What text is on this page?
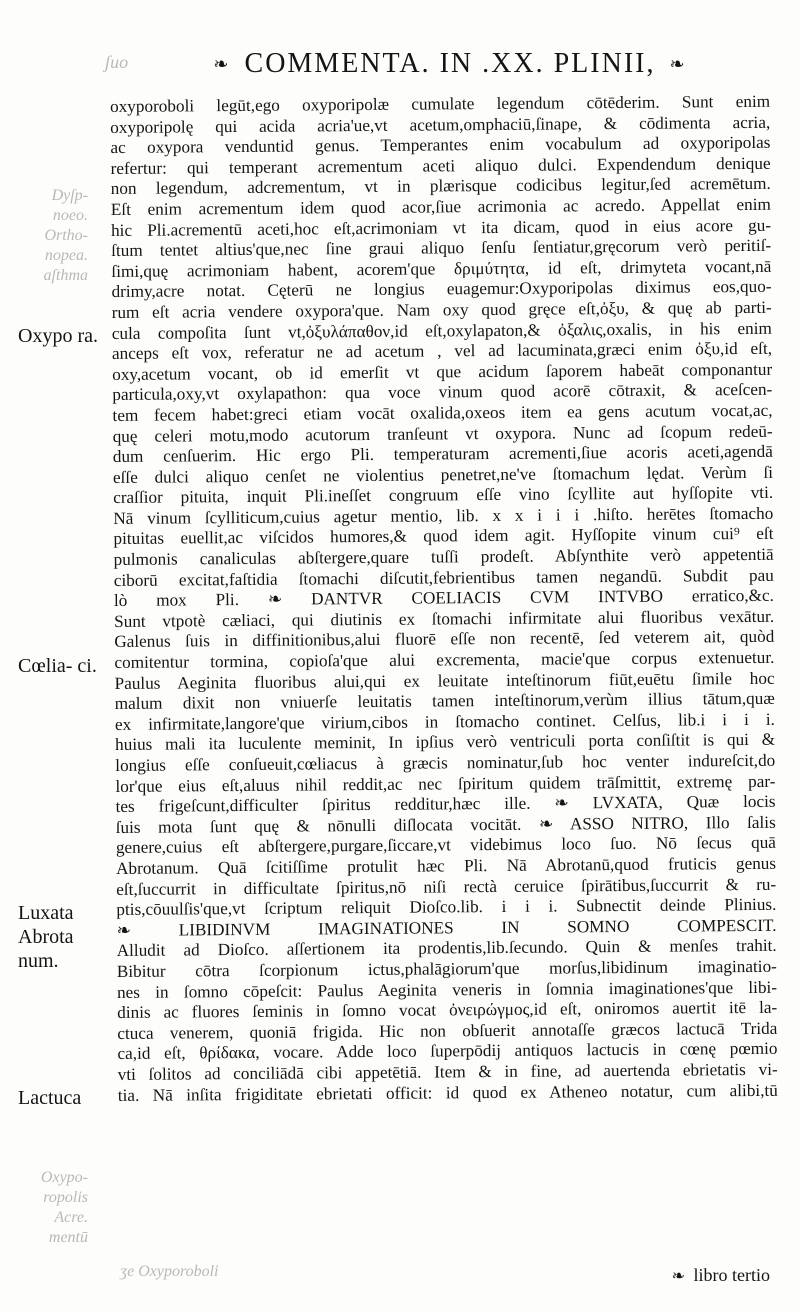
ʃuo
Dyſp‑ noeo. Ortho‑ nopea. aſthma
Oxypo‑ ropolis Acre. mentū
ʒe Oxyporoboli
❧ COMMENTA. IN .XX. PLINII, ❧
Oxypo ra.
Cœlia- ci.
Luxata Abrota num.
Lactuca
oxyporoboli legūt,ego oxyporipolæ cumulate legendum cōtēderim. Sunt enim
oxyporipolę qui acida acria'ue,vt acetum,omphaciū,ſinape, & cōdimenta acria,
ac oxypora venduntid genus. Temperantes enim vocabulum ad oxyporipolas
refertur: qui temperant acrementum aceti aliquo dulci. Expendendum denique
non legendum, adcrementum, vt in plærisque codicibus legitur,ſed acremētum.
Eſt enim acrementum idem quod acor,ſiue acrimonia ac acredo. Appellat enim
hic Pli.acrementū aceti,hoc eſt,acrimoniam vt ita dicam, quod in eius acore gu-
ſtum tentet altius'que,nec ſine graui aliquo ſenſu ſentiatur,gręcorum verò peritiſ-
ſimi,quę acrimoniam habent, acorem'que δριμύτητα, id eſt, drimyteta vocant,nā
drimy,acre notat. Cęterū ne longius euagemur:Oxyporipolas diximus eos,quo-
rum eſt acria vendere oxypora'que. Nam oxy quod gręce eſt,ὀξυ, & quę ab parti-
cula compoſita ſunt vt,ὀξυλάπαθον,id eſt,oxylapaton,& ὀξαλις,oxalis, in his enim
anceps eſt vox, referatur ne ad acetum , vel ad lacuminata,græci enim ὀξυ,id eſt,
oxy,acetum vocant, ob id emerſit vt que acidum ſaporem habeāt componantur
particula,oxy,vt oxylapathon: qua voce vinum quod acorē cōtraxit, & aceſcen-
tem fecem habet:greci etiam vocāt oxalida,oxeos item ea gens acutum vocat,ac,
quę celeri motu,modo acutorum tranſeunt vt oxypora. Nunc ad ſcopum redeū-
dum cenſuerim. Hic ergo Pli. temperaturam acrementi,ſiue acoris aceti,agendā
eſſe dulci aliquo cenſet ne violentius penetret,ne've ſtomachum lędat. Verùm ſi
craſſior pituita, inquit Pli.ineſſet congruum eſſe vino ſcyllite aut hyſſopite vti.
Nā vinum ſcylliticum,cuius agetur mentio, lib. x x i i i .hiſto. herētes ſtomacho
pituitas euellit,ac viſcidos humores,& quod idem agit. Hyſſopite vinum cui⁹ eſt
pulmonis canaliculas abſtergere,quare tuſſi prodeſt. Abſynthite verò appetentiā
ciborū excitat,faſtidia ſtomachi diſcutit,febrientibus tamen negandū. Subdit pau
lò mox Pli. ❧ DANTVR COELIACIS CVM INTVBO erratico,&c.
Sunt vtpotè cæliaci, qui diutinis ex ſtomachi infirmitate alui fluoribus vexātur.
Galenus ſuis in diffinitionibus,alui fluorē eſſe non recentē, ſed veterem ait, quòd
comitentur tormina, copioſa'que alui excrementa, macie'que corpus extenuetur.
Paulus Aeginita fluoribus alui,qui ex leuitate inteſtinorum fiūt,euētu ſimile hoc
malum dixit non vniuerſe leuitatis tamen inteſtinorum,verùm illius tātum,quæ
ex infirmitate,langore'que virium,cibos in ſtomacho continet. Celſus, lib.i i i i.
huius mali ita luculente meminit, In ipſius verò ventriculi porta conſiſtit is qui &
longius eſſe conſueuit,cœliacus à græcis nominatur,ſub hoc venter indureſcit,do
lor'que eius eſt,aluus nihil reddit,ac nec ſpiritum quidem trāſmittit, extremę par-
tes frigeſcunt,difficulter ſpiritus redditur,hæc ille. ❧ LVXATA, Quæ locis
ſuis mota ſunt quę & nōnulli diſlocata vocitāt. ❧ ASSO NITRO, Illo ſalis
genere,cuius eſt abſtergere,purgare,ſiccare,vt videbimus loco ſuo. Nō ſecus quā
Abrotanum. Quā ſcitiſſime protulit hæc Pli. Nā Abrotanū,quod fruticis genus
eſt,ſuccurrit in difficultate ſpiritus,nō niſi rectà ceruice ſpirātibus,ſuccurrit & ru-
ptis,cōuulſis'que,vt ſcriptum reliquit Dioſco.lib. i i i. Subnectit deinde Plinius.
❧ LIBIDINVM IMAGINATIONES IN SOMNO COMPESCIT.
Alludit ad Dioſco. aſſertionem ita prodentis,lib.ſecundo. Quin & menſes trahit.
Bibitur cōtra ſcorpionum ictus,phalāgiorum'que morſus,libidinum imaginatio-
nes in ſomno cōpeſcit: Paulus Aeginita veneris in ſomnia imaginationes'que libi-
dinis ac fluores ſeminis in ſomno vocat ὀνειρώγμος,id eſt, oniromos auertit itē la-
ctuca venerem, quoniā frigida. Hic non obſuerit annotaſſe græcos lactucā Trida
ca,id eſt, θρίδακα, vocare. Adde loco ſuperpōdij antiquos lactucis in cœnę pœmio
vti ſolitos ad conciliādā cibi appetētiā. Item & in fine, ad auertenda ebrietatis vi-
tia. Nā inſita frigiditate ebrietati officit: id quod ex Atheneo notatur, cum alibi,tū
❧ libro tertio
